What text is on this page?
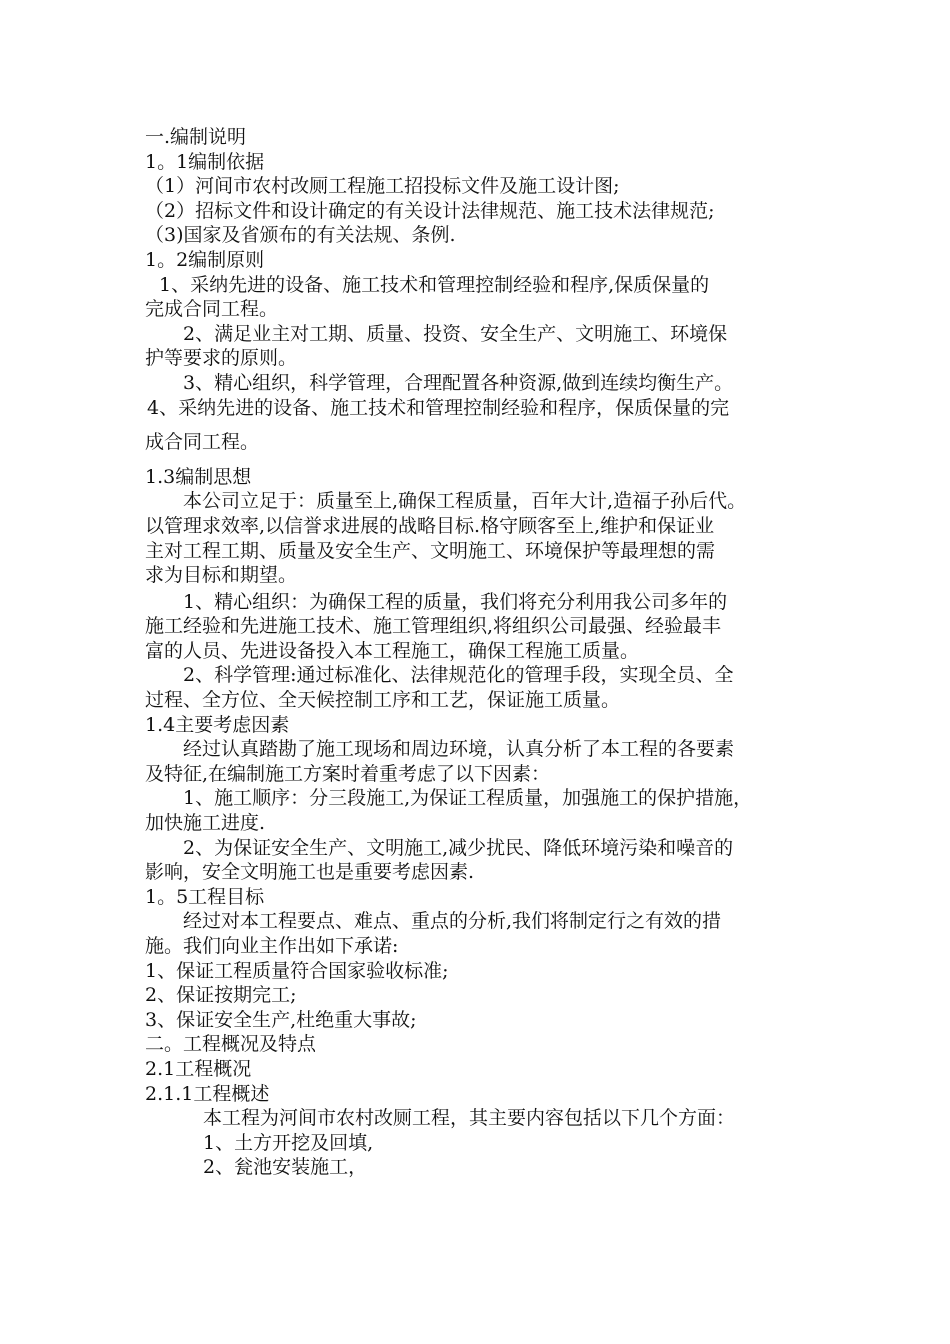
一.编制说明
1。1编制依据
（1）河间市农村改厕工程施工招投标文件及施工设计图;
（2）招标文件和设计确定的有关设计法律规范、施工技术法律规范;
（3)国家及省颁布的有关法规、条例.
1。2编制原则
1、采纳先进的设备、施工技术和管理控制经验和程序,保质保量的
完成合同工程。
2、满足业主对工期、质量、投资、安全生产、文明施工、环境保
护等要求的原则。
3、精心组织，科学管理，合理配置各种资源,做到连续均衡生产。
4、采纳先进的设备、施工技术和管理控制经验和程序，保质保量的完
成合同工程。
1.3编制思想
本公司立足于：质量至上,确保工程质量，百年大计,造福子孙后代。
以管理求效率,以信誉求进展的战略目标.格守顾客至上,维护和保证业
主对工程工期、质量及安全生产、文明施工、环境保护等最理想的需
求为目标和期望。
1、精心组织：为确保工程的质量，我们将充分利用我公司多年的
施工经验和先进施工技术、施工管理组织,将组织公司最强、经验最丰
富的人员、先进设备投入本工程施工，确保工程施工质量。
2、科学管理:通过标准化、法律规范化的管理手段，实现全员、全
过程、全方位、全天候控制工序和工艺，保证施工质量。
1.4主要考虑因素
经过认真踏勘了施工现场和周边环境，认真分析了本工程的各要素
及特征,在编制施工方案时着重考虑了以下因素：
1、施工顺序：分三段施工,为保证工程质量，加强施工的保护措施，
加快施工进度.
2、为保证安全生产、文明施工,减少扰民、降低环境污染和噪音的
影响，安全文明施工也是重要考虑因素.
1。5工程目标
经过对本工程要点、难点、重点的分析,我们将制定行之有效的措
施。我们向业主作出如下承诺:
1、保证工程质量符合国家验收标准;
2、保证按期完工;
3、保证安全生产,杜绝重大事故;
二。工程概况及特点
2.1工程概况
2.1.1工程概述
本工程为河间市农村改厕工程，其主要内容包括以下几个方面：
1、土方开挖及回填,
2、瓮池安装施工，
